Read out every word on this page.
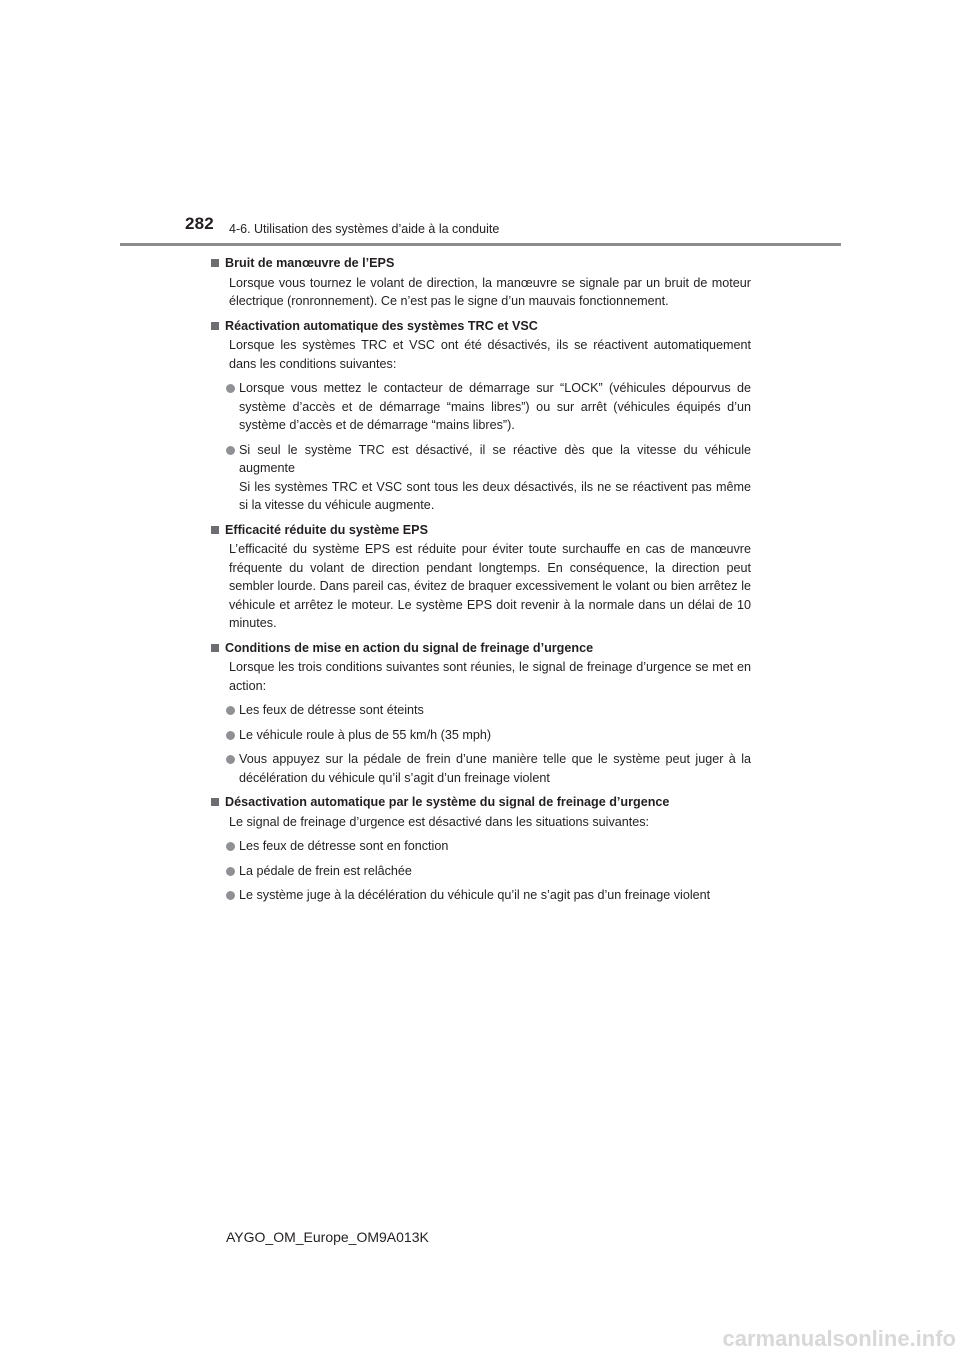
282 4-6. Utilisation des systèmes d’aide à la conduite
Bruit de manœuvre de l’EPS
Lorsque vous tournez le volant de direction, la manœuvre se signale par un bruit de moteur électrique (ronronnement). Ce n’est pas le signe d’un mauvais fonctionnement.
Réactivation automatique des systèmes TRC et VSC
Lorsque les systèmes TRC et VSC ont été désactivés, ils se réactivent automatiquement dans les conditions suivantes:
Lorsque vous mettez le contacteur de démarrage sur “LOCK” (véhicules dépourvus de système d’accès et de démarrage “mains libres”) ou sur arrêt (véhicules équipés d’un système d’accès et de démarrage “mains libres”).
Si seul le système TRC est désactivé, il se réactive dès que la vitesse du véhicule augmente
Si les systèmes TRC et VSC sont tous les deux désactivés, ils ne se réactivent pas même si la vitesse du véhicule augmente.
Efficacité réduite du système EPS
L’efficacité du système EPS est réduite pour éviter toute surchauffe en cas de manœuvre fréquente du volant de direction pendant longtemps. En conséquence, la direction peut sembler lourde. Dans pareil cas, évitez de braquer excessivement le volant ou bien arrêtez le véhicule et arrêtez le moteur. Le système EPS doit revenir à la normale dans un délai de 10 minutes.
Conditions de mise en action du signal de freinage d’urgence
Lorsque les trois conditions suivantes sont réunies, le signal de freinage d’urgence se met en action:
Les feux de détresse sont éteints
Le véhicule roule à plus de 55 km/h (35 mph)
Vous appuyez sur la pédale de frein d’une manière telle que le système peut juger à la décélération du véhicule qu’il s’agit d’un freinage violent
Désactivation automatique par le système du signal de freinage d’urgence
Le signal de freinage d’urgence est désactivé dans les situations suivantes:
Les feux de détresse sont en fonction
La pédale de frein est relâchée
Le système juge à la décélération du véhicule qu’il ne s’agit pas d’un freinage violent
AYGO_OM_Europe_OM9A013K
carmanualsonline.info
